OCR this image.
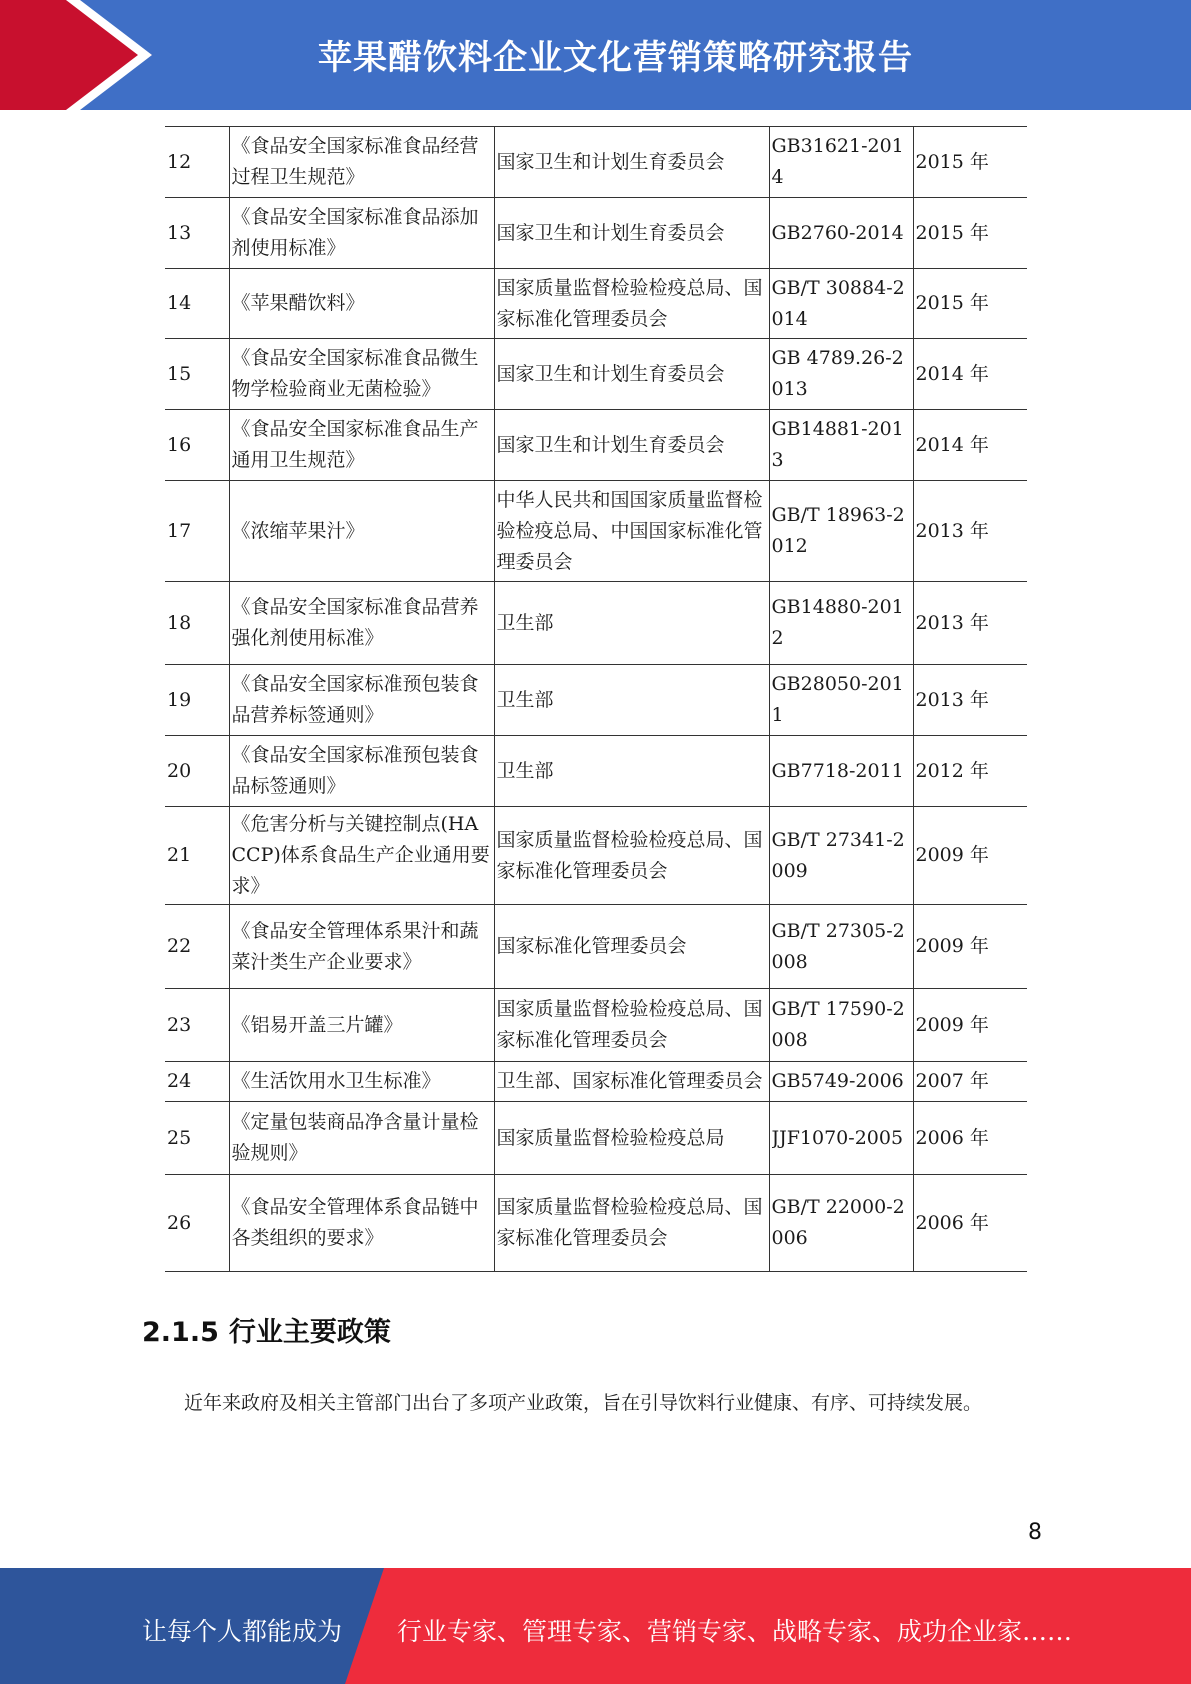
苹果醋饮料企业文化营销策略研究报告
12	《食品安全国家标准食品经营过程卫生规范》	国家卫生和计划生育委员会	GB31621-2014	2015 年

13	《食品安全国家标准食品添加剂使用标准》	国家卫生和计划生育委员会	GB2760-2014	2015 年

14	《苹果醋饮料》	国家质量监督检验检疫总局、国家标准化管理委员会	GB/T 30884-2014	2015 年

15	《食品安全国家标准食品微生物学检验商业无菌检验》	国家卫生和计划生育委员会	GB 4789.26-2013	2014 年

16	《食品安全国家标准食品生产通用卫生规范》	国家卫生和计划生育委员会	GB14881-2013	2014 年

17	《浓缩苹果汁》	中华人民共和国国家质量监督检验检疫总局、中国国家标准化管理委员会	GB/T 18963-2012	2013 年

18	《食品安全国家标准食品营养强化剂使用标准》	卫生部	GB14880-2012	2013 年

19	《食品安全国家标准预包装食品营养标签通则》	卫生部	GB28050-2011	2013 年

20	《食品安全国家标准预包装食品标签通则》	卫生部	GB7718-2011	2012 年

21	《危害分析与关键控制点(HACCP)体系食品生产企业通用要求》	国家质量监督检验检疫总局、国家标准化管理委员会	GB/T 27341-2009	2009 年

22	《食品安全管理体系果汁和蔬菜汁类生产企业要求》	国家标准化管理委员会	GB/T 27305-2008	2009 年

23	《铝易开盖三片罐》	国家质量监督检验检疫总局、国家标准化管理委员会	GB/T 17590-2008	2009 年

24	《生活饮用水卫生标准》	卫生部、国家标准化管理委员会	GB5749-2006	2007 年

25	《定量包装商品净含量计量检验规则》	国家质量监督检验检疫总局	JJF1070-2005	2006 年

26	《食品安全管理体系食品链中各类组织的要求》	国家质量监督检验检疫总局、国家标准化管理委员会	GB/T 22000-2006	2006 年
2.1.5 行业主要政策
近年来政府及相关主管部门出台了多项产业政策，旨在引导饮料行业健康、有序、可持续发展。
8
让每个人都能成为 行业专家、管理专家、营销专家、战略专家、成功企业家……
